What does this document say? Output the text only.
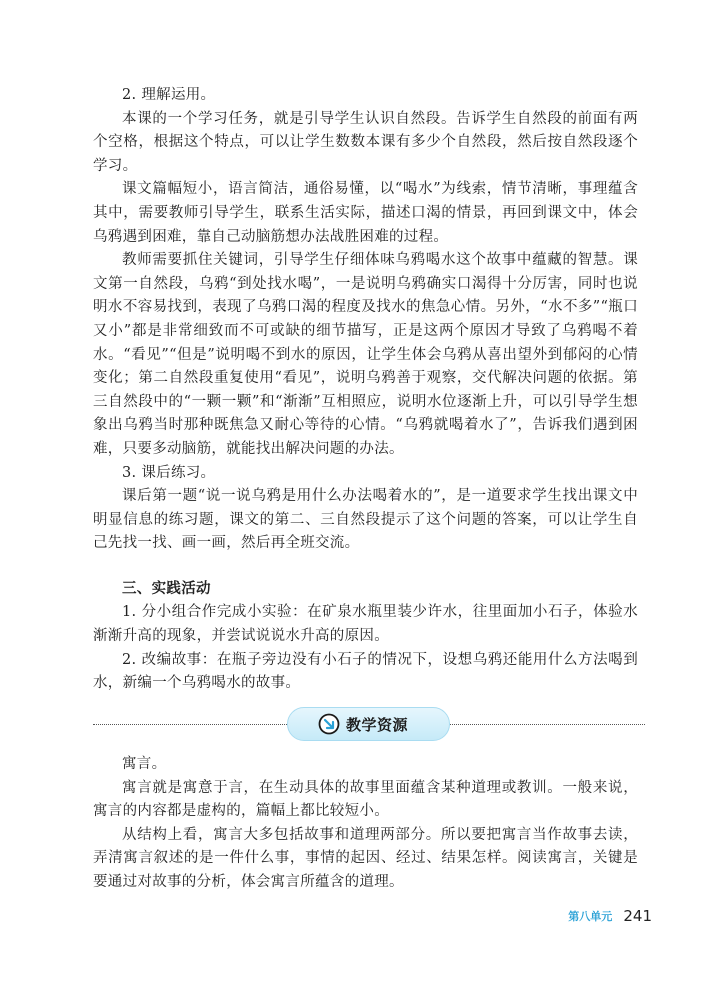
2. 理解运用。

本课的一个学习任务，就是引导学生认识自然段。告诉学生自然段的前面有两个空格，根据这个特点，可以让学生数数本课有多少个自然段，然后按自然段逐个学习。

课文篇幅短小，语言简洁，通俗易懂，以“喝水”为线索，情节清晰，事理蕴含其中，需要教师引导学生，联系生活实际，描述口渴的情景，再回到课文中，体会乌鸦遇到困难，靠自己动脑筋想办法战胜困难的过程。

教师需要抓住关键词，引导学生仔细体味乌鸦喝水这个故事中蕴藏的智慧。课文第一自然段，乌鸦“到处找水喝”，一是说明乌鸦确实口渴得十分厉害，同时也说明水不容易找到，表现了乌鸦口渴的程度及找水的焦急心情。另外，“水不多”“瓶口又小”都是非常细致而不可或缺的细节描写，正是这两个原因才导致了乌鸦喝不着水。“看见”“但是”说明喝不到水的原因，让学生体会乌鸦从喜出望外到郁闷的心情变化；第二自然段重复使用“看见”，说明乌鸦善于观察，交代解决问题的依据。第三自然段中的“一颗一颗”和“渐渐”互相照应，说明水位逐渐上升，可以引导学生想象出乌鸦当时那种既焦急又耐心等待的心情。“乌鸦就喝着水了”，告诉我们遇到困难，只要多动脑筋，就能找出解决问题的办法。

3. 课后练习。

课后第一题“说一说乌鸦是用什么办法喝着水的”，是一道要求学生找出课文中明显信息的练习题，课文的第二、三自然段提示了这个问题的答案，可以让学生自己先找一找、画一画，然后再全班交流。

三、实践活动

1. 分小组合作完成小实验：在矿泉水瓶里装少许水，往里面加小石子，体验水渐渐升高的现象，并尝试说说水升高的原因。

2. 改编故事：在瓶子旁边没有小石子的情况下，设想乌鸦还能用什么方法喝到水，新编一个乌鸦喝水的故事。

教学资源

寓言。

寓言就是寓意于言，在生动具体的故事里面蕴含某种道理或教训。一般来说，寓言的内容都是虚构的，篇幅上都比较短小。

从结构上看，寓言大多包括故事和道理两部分。所以要把寓言当作故事去读，弄清寓言叙述的是一件什么事，事情的起因、经过、结果怎样。阅读寓言，关键是要通过对故事的分析，体会寓言所蕴含的道理。

第八单元 241
